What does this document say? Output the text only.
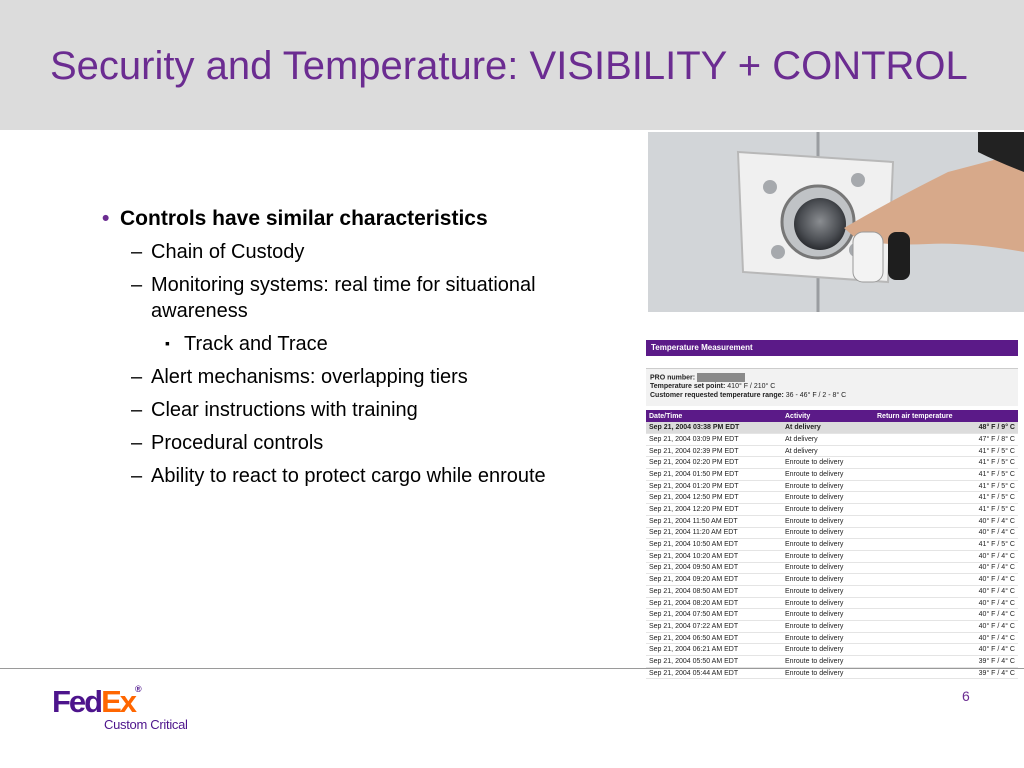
Security and Temperature: VISIBILITY + CONTROL
• Controls have similar characteristics
– Chain of Custody
– Monitoring systems: real time for situational awareness
▪ Track and Trace
– Alert mechanisms: overlapping tiers
– Clear instructions with training
– Procedural controls
– Ability to react to protect cargo while enroute
Temperature Measurement
PRO number:
Temperature set point: 410° F / 210° C
Customer requested temperature range: 36 - 46° F / 2 - 8° C
Date/Time	Activity	Return air temperature
Sep 21, 2004 03:38 PM EDT	At delivery	48° F / 9° C
Sep 21, 2004 03:09 PM EDT	At delivery	47° F / 8° C
Sep 21, 2004 02:39 PM EDT	At delivery	41° F / 5° C
Sep 21, 2004 02:20 PM EDT	Enroute to delivery	41° F / 5° C
Sep 21, 2004 01:50 PM EDT	Enroute to delivery	41° F / 5° C
Sep 21, 2004 01:20 PM EDT	Enroute to delivery	41° F / 5° C
Sep 21, 2004 12:50 PM EDT	Enroute to delivery	41° F / 5° C
Sep 21, 2004 12:20 PM EDT	Enroute to delivery	41° F / 5° C
Sep 21, 2004 11:50 AM EDT	Enroute to delivery	40° F / 4° C
Sep 21, 2004 11:20 AM EDT	Enroute to delivery	40° F / 4° C
Sep 21, 2004 10:50 AM EDT	Enroute to delivery	41° F / 5° C
Sep 21, 2004 10:20 AM EDT	Enroute to delivery	40° F / 4° C
Sep 21, 2004 09:50 AM EDT	Enroute to delivery	40° F / 4° C
Sep 21, 2004 09:20 AM EDT	Enroute to delivery	40° F / 4° C
Sep 21, 2004 08:50 AM EDT	Enroute to delivery	40° F / 4° C
Sep 21, 2004 08:20 AM EDT	Enroute to delivery	40° F / 4° C
Sep 21, 2004 07:50 AM EDT	Enroute to delivery	40° F / 4° C
Sep 21, 2004 07:22 AM EDT	Enroute to delivery	40° F / 4° C
Sep 21, 2004 06:50 AM EDT	Enroute to delivery	40° F / 4° C
Sep 21, 2004 06:21 AM EDT	Enroute to delivery	40° F / 4° C
Sep 21, 2004 05:50 AM EDT	Enroute to delivery	39° F / 4° C
Sep 21, 2004 05:44 AM EDT	Enroute to delivery	39° F / 4° C
FedEx®
Custom Critical
6
